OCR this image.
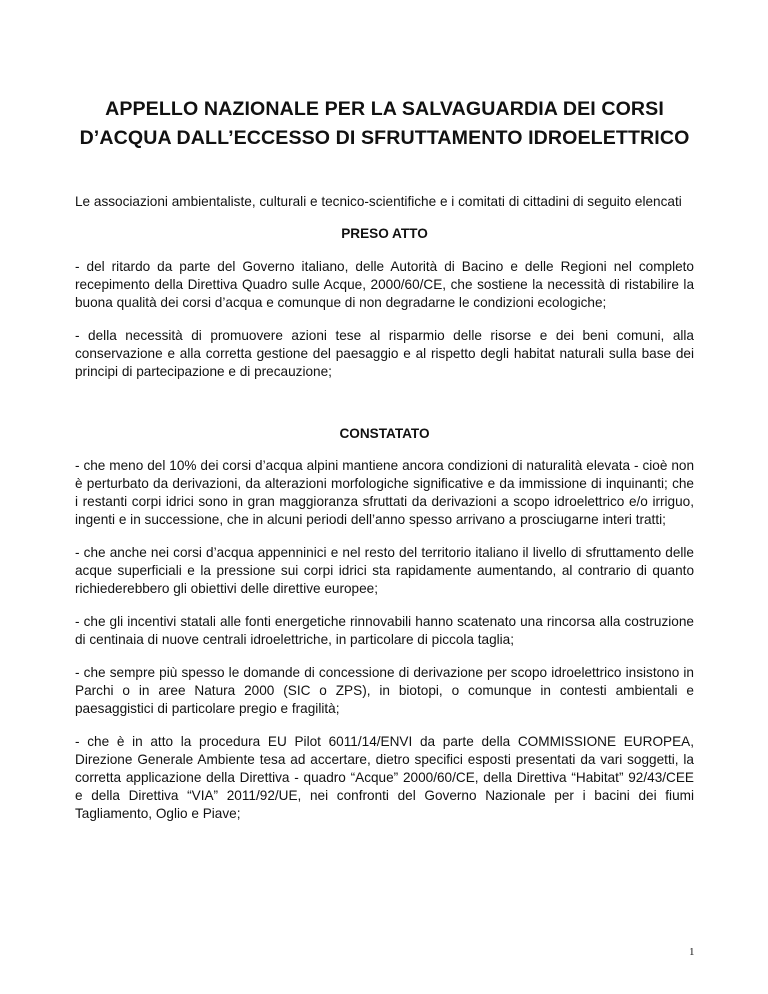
APPELLO NAZIONALE PER LA SALVAGUARDIA DEI CORSI
D’ACQUA DALL’ECCESSO DI SFRUTTAMENTO IDROELETTRICO

Le associazioni ambientaliste, culturali e tecnico-scientifiche e i comitati di cittadini di seguito elencati

PRESO ATTO

- del ritardo da parte del Governo italiano, delle Autorità di Bacino e delle Regioni nel completo recepimento della Direttiva Quadro sulle Acque, 2000/60/CE, che sostiene la necessità di ristabilire la buona qualità dei corsi d’acqua e comunque di non degradarne le condizioni ecologiche;

- della necessità di promuovere azioni tese al risparmio delle risorse e dei beni comuni, alla conservazione e alla corretta gestione del paesaggio e al rispetto degli habitat naturali sulla base dei principi di partecipazione e di precauzione;

CONSTATATO

- che meno del 10% dei corsi d’acqua alpini mantiene ancora condizioni di naturalità elevata - cioè non è perturbato da derivazioni, da alterazioni morfologiche significative e da immissione di inquinanti; che i restanti corpi idrici sono in gran maggioranza sfruttati da derivazioni a scopo idroelettrico e/o irriguo, ingenti e in successione, che in alcuni periodi dell’anno spesso arrivano a prosciugarne interi tratti;

- che anche nei corsi d’acqua appenninici e nel resto del territorio italiano il livello di sfruttamento delle acque superficiali e la pressione sui corpi idrici sta rapidamente aumentando, al contrario di quanto richiederebbero gli obiettivi delle direttive europee;

- che gli incentivi statali alle fonti energetiche rinnovabili hanno scatenato una rincorsa alla costruzione di centinaia di nuove centrali idroelettriche, in particolare di piccola taglia;

- che sempre più spesso le domande di concessione di derivazione per scopo idroelettrico insistono in Parchi o in aree Natura 2000 (SIC o ZPS), in biotopi, o comunque in contesti ambientali e paesaggistici di particolare pregio e fragilità;

- che è in atto la procedura EU Pilot 6011/14/ENVI da parte della COMMISSIONE EUROPEA, Direzione Generale Ambiente tesa ad accertare, dietro specifici esposti presentati da vari soggetti, la corretta applicazione della Direttiva - quadro “Acque” 2000/60/CE, della Direttiva “Habitat” 92/43/CEE e della Direttiva “VIA” 2011/92/UE, nei confronti del Governo Nazionale per i bacini dei fiumi Tagliamento, Oglio e Piave;

1
